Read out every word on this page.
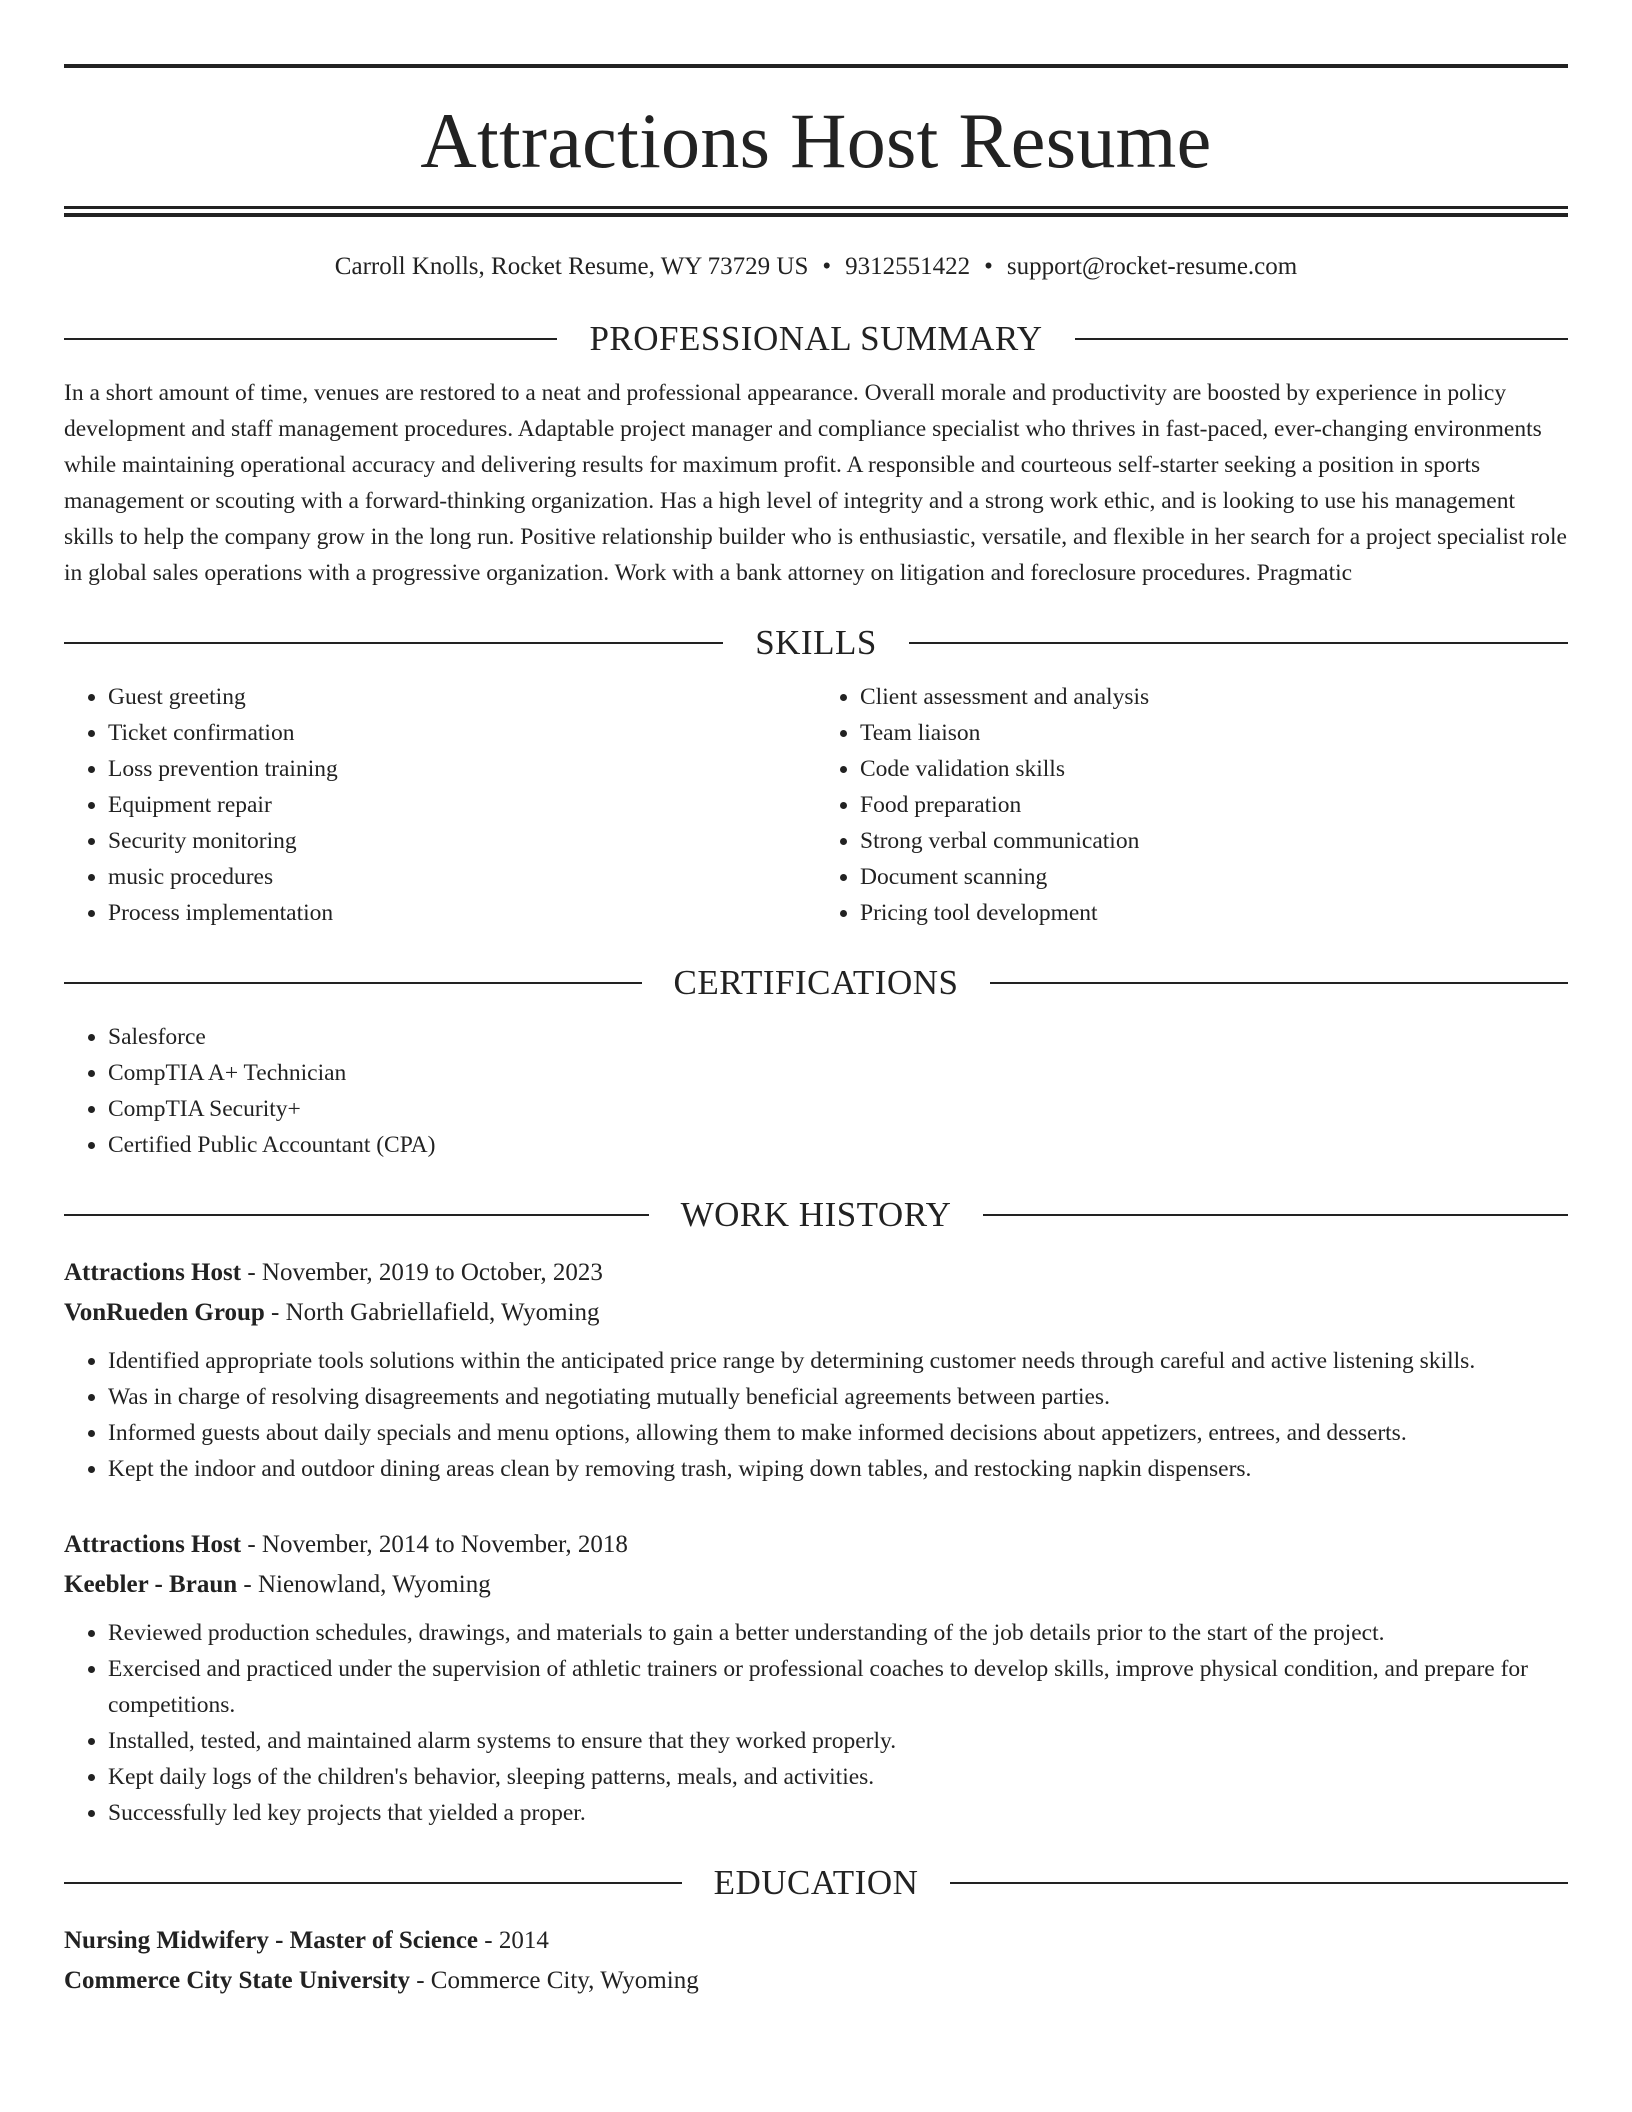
Attractions Host Resume
Carroll Knolls, Rocket Resume, WY 73729 US • 9312551422 • support@rocket-resume.com
PROFESSIONAL SUMMARY
In a short amount of time, venues are restored to a neat and professional appearance. Overall morale and productivity are boosted by experience in policy development and staff management procedures. Adaptable project manager and compliance specialist who thrives in fast-paced, ever-changing environments while maintaining operational accuracy and delivering results for maximum profit. A responsible and courteous self-starter seeking a position in sports management or scouting with a forward-thinking organization. Has a high level of integrity and a strong work ethic, and is looking to use his management skills to help the company grow in the long run. Positive relationship builder who is enthusiastic, versatile, and flexible in her search for a project specialist role in global sales operations with a progressive organization. Work with a bank attorney on litigation and foreclosure procedures. Pragmatic
SKILLS
• Guest greeting
• Ticket confirmation
• Loss prevention training
• Equipment repair
• Security monitoring
• music procedures
• Process implementation
• Client assessment and analysis
• Team liaison
• Code validation skills
• Food preparation
• Strong verbal communication
• Document scanning
• Pricing tool development
CERTIFICATIONS
• Salesforce
• CompTIA A+ Technician
• CompTIA Security+
• Certified Public Accountant (CPA)
WORK HISTORY
Attractions Host - November, 2019 to October, 2023
VonRueden Group - North Gabriellafield, Wyoming
• Identified appropriate tools solutions within the anticipated price range by determining customer needs through careful and active listening skills.
• Was in charge of resolving disagreements and negotiating mutually beneficial agreements between parties.
• Informed guests about daily specials and menu options, allowing them to make informed decisions about appetizers, entrees, and desserts.
• Kept the indoor and outdoor dining areas clean by removing trash, wiping down tables, and restocking napkin dispensers.
Attractions Host - November, 2014 to November, 2018
Keebler - Braun - Nienowland, Wyoming
• Reviewed production schedules, drawings, and materials to gain a better understanding of the job details prior to the start of the project.
• Exercised and practiced under the supervision of athletic trainers or professional coaches to develop skills, improve physical condition, and prepare for competitions.
• Installed, tested, and maintained alarm systems to ensure that they worked properly.
• Kept daily logs of the children's behavior, sleeping patterns, meals, and activities.
• Successfully led key projects that yielded a proper.
EDUCATION
Nursing Midwifery - Master of Science - 2014
Commerce City State University - Commerce City, Wyoming
